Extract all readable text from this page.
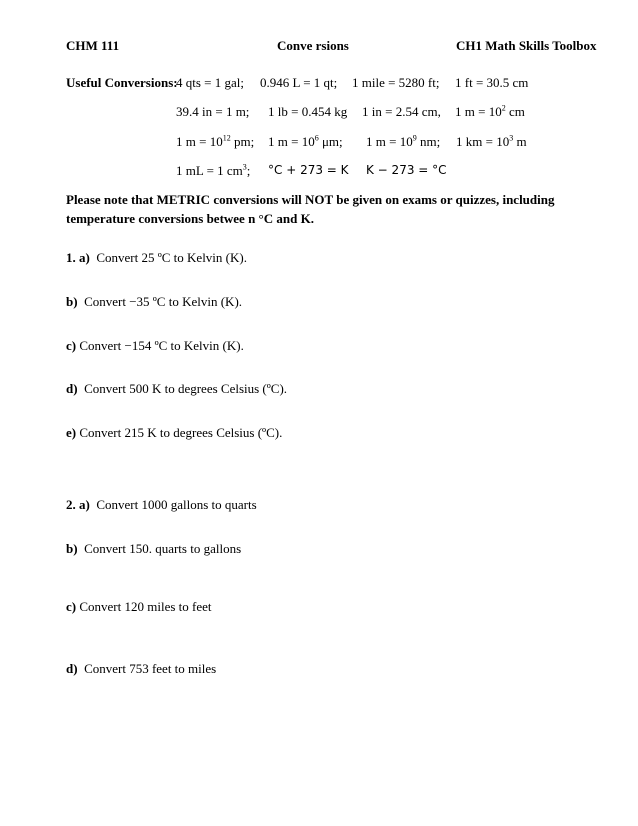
CHM 111	Conve rsions	CH1 Math Skills Toolbox
Useful Conversions:
4 qts = 1 gal; 0.946 L = 1 qt; 1 mile = 5280 ft; 1 ft = 30.5 cm
39.4 in = 1 m; 1 lb = 0.454 kg 1 in = 2.54 cm, 1 $m = 10^2$ cm
1 $m = 10^{12}$ pm; 1 $m = 10^6$ μm; 1 $m = 10^9$ nm; 1 km = $10^3$ m
1 mL = 1 $cm^3$; °C + 273 = K K − 273 = °C
Please note that METRIC conversions will NOT be given on exams or quizzes, including temperature conversions betwee n °C and K.
1. a) Convert 25 ºC to Kelvin (K).
b) Convert −35 ºC to Kelvin (K).
c) Convert −154 ºC to Kelvin (K).
d) Convert 500 K to degrees Celsius (ºC).
e) Convert 215 K to degrees Celsius (ºC).
2. a) Convert 1000 gallons to quarts
b) Convert 150. quarts to gallons
c) Convert 120 miles to feet
d) Convert 753 feet to miles
